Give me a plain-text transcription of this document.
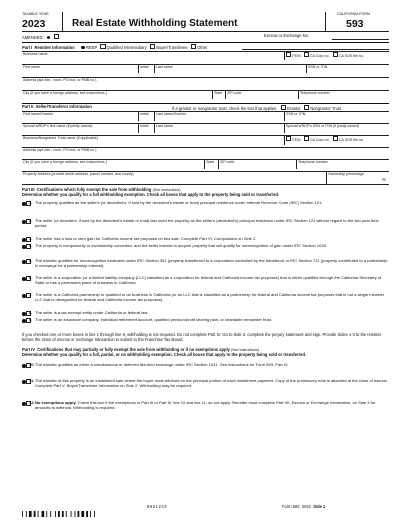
TAXABLE YEAR
2023	Real Estate Withholding Statement
CALIFORNIA FORM
593
AMENDED:	Escrow or Exchange No.
Part I Remitter Information	REEP Qualified Intermediary Buyer/Transferee Other
Business name	FEIN	CA Corp no.	CA SOS file no.
First name	Initial Last name	SSN or ITIN
Address (apt./ste., room, PO box, or PMB no.)
City (If you have a foreign address, see instructions.)	State ZIP code	Telephone number
Part II Seller/Transferor Information	If a grantor or nongrantor trust, check the box that applies. Grantor Nongrantor Trust
First name/Grantor	Initial Last name/Grantor	SSN or ITIN
Spouse's/RDP's first name (if jointly owned)	Initial Last name	Spouse's/RDP's SSN or ITIN (if jointly owned)
Business/Nongrantor Trust name (if applicable)	FEIN	CA Corp no.	CA SOS file no.
Address (apt./ste., room, PO box, or PMB no.)
City (If you have a foreign address, see instructions.)	State ZIP code	Telephone number
Property address (provide street address, parcel number, and county)	Ownership percentage
%
Part III Certifications which fully exempt the sale from withholding (See instructions)
Determine whether you qualify for a full withholding exemption. Check all boxes that apply to the property being sold or transferred.
1. The property qualifies as the seller's (or decedent's, if sold by the decedent's estate or trust) principal residence under Internal Revenue Code (IRC) Section 121.
2. The seller (or decedent, if sold by the decedent's estate or trust) last used the property as the seller's (decedent's) principal residence under IRC Section 121 without regard to the two-year time period.
3. The seller has a loss or zero gain for California income tax purposes on this sale. Complete Part VI, Computation on Side 2.
4. The property is compulsorily or involuntarily converted, and the seller intends to acquire property that will qualify for nonrecognition of gain under IRC Section 1033.
5. The transfer qualifies for nonrecognition treatment under IRC Section 351 (property transferred to a corporation controlled by the transferor) or IRC Section 721 (property contributed to a partnership in exchange for a partnership interest).
6. The seller is a corporation (or a limited liability company (LLC) classified as a corporation for federal and California income tax purposes) that is either qualified through the California Secretary of State or has a permanent place of business in California.
7. The seller is a California partnership or qualified to do business in California (or an LLC that is classified as a partnership for federal and California income tax purposes that is not a single member LLC that is disregarded for federal and California income tax purposes).
8. The seller is a tax-exempt entity under California or federal law.
9. The seller is an insurance company, individual retirement account, qualified pension/profit sharing plan, or charitable remainder trust.
If you checked one or more boxes in line 1 through line 9, withholding is not required. Do not complete Part IV. Go to Side 3, complete the perjury statement and sign. Provide Sides 1-3 to the remitter before the close of escrow or exchange transaction to submit to the Franchise Tax Board.
Part IV Certifications that may partially or fully exempt the sale from withholding or if no exemptions apply (See instructions)
Determine whether you qualify for a full, partial, or no withholding exemption. Check all boxes that apply to the property being sold or transferred.
10. The transfer qualifies as either a simultaneous or deferred like-kind exchange under IRC Section 1031. See instructions for Form 593, Part IV.
11. The transfer of this property is an installment sale where the buyer must withhold on the principal portion of each installment payment. Copy of the promissory note is attached at the close of escrow. Complete Part V, Buyer/Transferee Information on Side 2. Withholding may be required.
12. No exemptions apply. Check this box if the exemptions in Part III or Part IV, line 10 and line 11, do not apply. Remitter must complete Part VII, Escrow or Exchange Information, on Side 3 for amounts to withhold. Withholding is required.
8601233	Form 593 2022 Side 1
